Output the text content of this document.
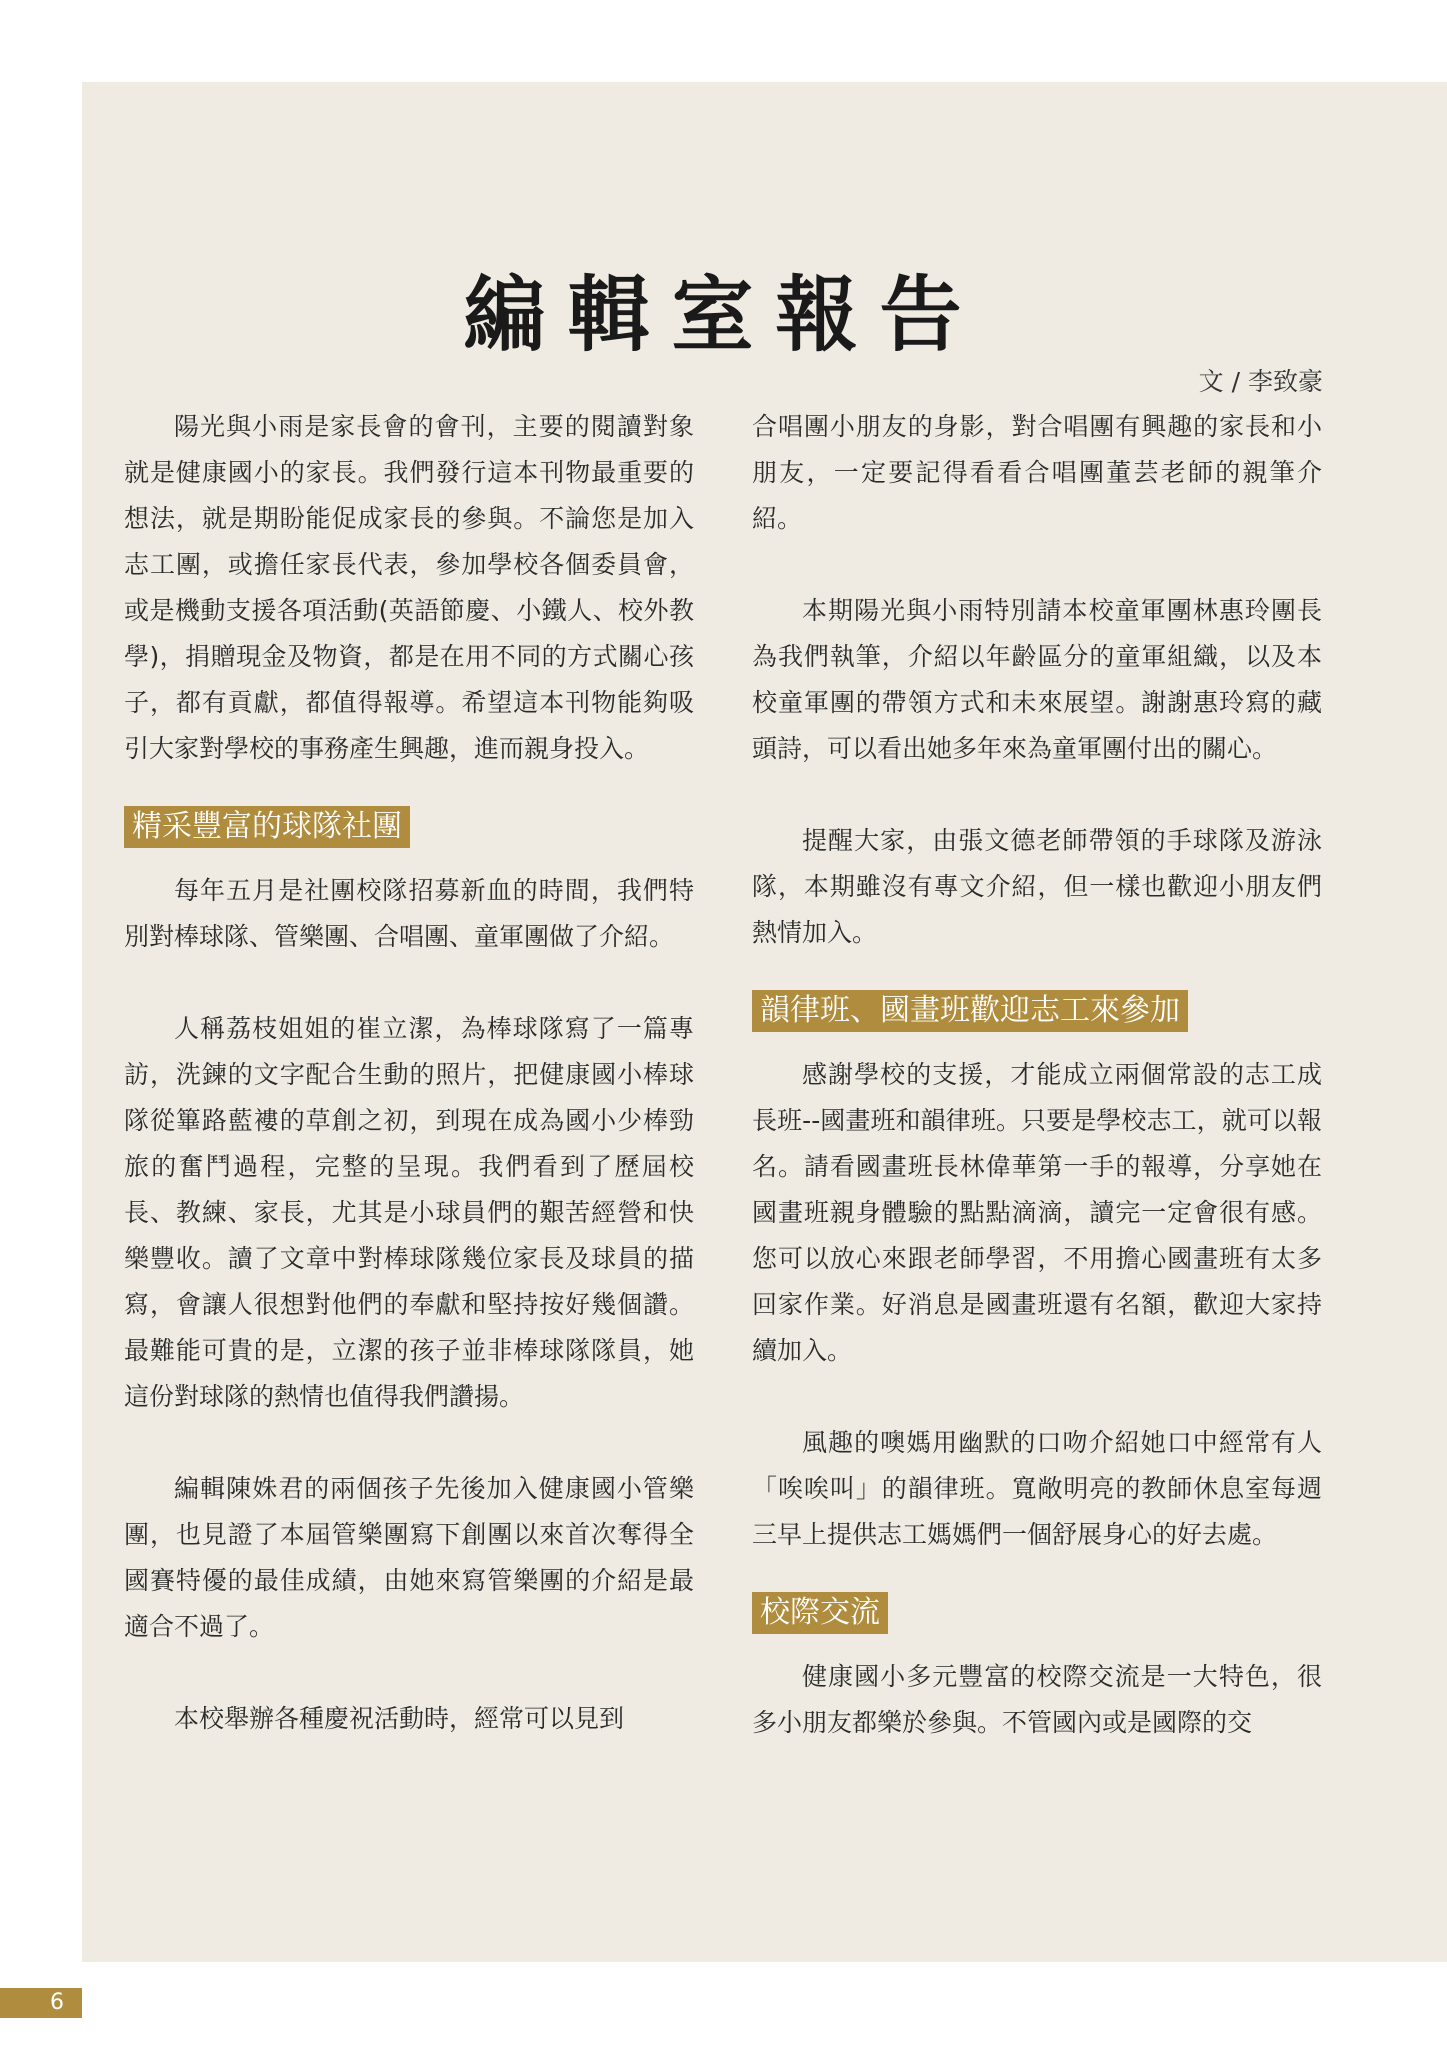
編輯室報告
文 / 李致豪

陽光與小雨是家長會的會刊，主要的閱讀對象就是健康國小的家長。我們發行這本刊物最重要的想法，就是期盼能促成家長的參與。不論您是加入志工團，或擔任家長代表，參加學校各個委員會，或是機動支援各項活動(英語節慶、小鐵人、校外教學)，捐贈現金及物資，都是在用不同的方式關心孩子，都有貢獻，都值得報導。希望這本刊物能夠吸引大家對學校的事務產生興趣，進而親身投入。

精采豐富的球隊社團

每年五月是社團校隊招募新血的時間，我們特別對棒球隊、管樂團、合唱團、童軍團做了介紹。

人稱荔枝姐姐的崔立潔，為棒球隊寫了一篇專訪，洗鍊的文字配合生動的照片，把健康國小棒球隊從篳路藍褸的草創之初，到現在成為國小少棒勁旅的奮鬥過程，完整的呈現。我們看到了歷屆校長、教練、家長，尤其是小球員們的艱苦經營和快樂豐收。讀了文章中對棒球隊幾位家長及球員的描寫，會讓人很想對他們的奉獻和堅持按好幾個讚。最難能可貴的是，立潔的孩子並非棒球隊隊員，她這份對球隊的熱情也值得我們讚揚。

編輯陳姝君的兩個孩子先後加入健康國小管樂團，也見證了本屆管樂團寫下創團以來首次奪得全國賽特優的最佳成績，由她來寫管樂團的介紹是最適合不過了。

本校舉辦各種慶祝活動時，經常可以見到

合唱團小朋友的身影，對合唱團有興趣的家長和小朋友，一定要記得看看合唱團董芸老師的親筆介紹。

本期陽光與小雨特別請本校童軍團林惠玲團長為我們執筆，介紹以年齡區分的童軍組織，以及本校童軍團的帶領方式和未來展望。謝謝惠玲寫的藏頭詩，可以看出她多年來為童軍團付出的關心。

提醒大家，由張文德老師帶領的手球隊及游泳隊，本期雖沒有專文介紹，但一樣也歡迎小朋友們熱情加入。

韻律班、國畫班歡迎志工來參加

感謝學校的支援，才能成立兩個常設的志工成長班--國畫班和韻律班。只要是學校志工，就可以報名。請看國畫班長林偉華第一手的報導，分享她在國畫班親身體驗的點點滴滴，讀完一定會很有感。您可以放心來跟老師學習，不用擔心國畫班有太多回家作業。好消息是國畫班還有名額，歡迎大家持續加入。

風趣的噢媽用幽默的口吻介紹她口中經常有人「唉唉叫」的韻律班。寬敞明亮的教師休息室每週三早上提供志工媽媽們一個舒展身心的好去處。

校際交流

健康國小多元豐富的校際交流是一大特色，很多小朋友都樂於參與。不管國內或是國際的交

6
